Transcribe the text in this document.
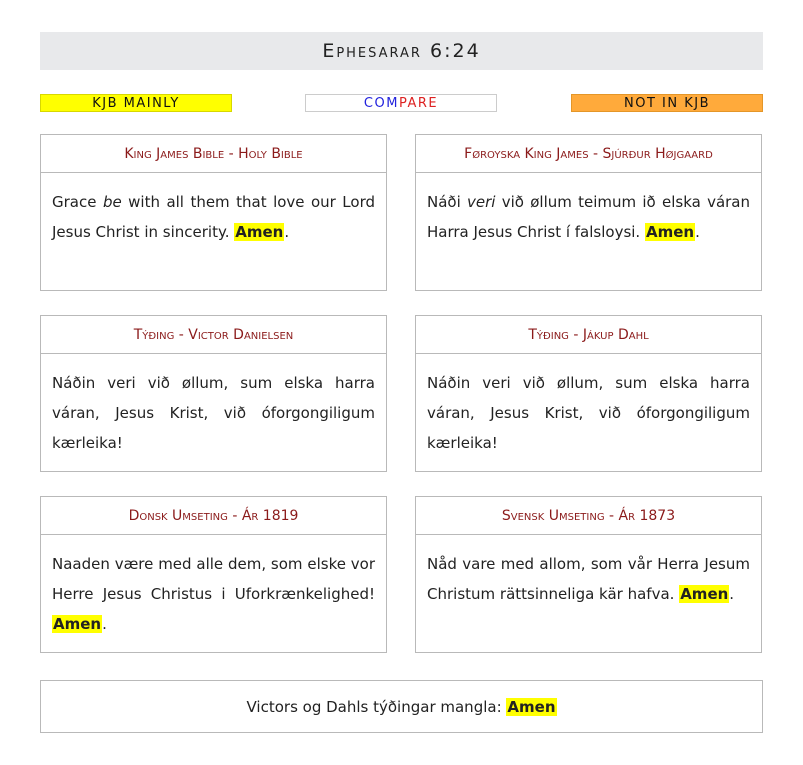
Ephesarar 6:24
KJB MAINLY	COM PARE	NOT IN KJB
King James Bible - Holy Bible
Grace be with all them that love our Lord Jesus Christ in sincerity. Amen.
Føroyska King James - Sjúrður Højgaard
Náði veri við øllum teimum ið elska váran Harra Jesus Christ í falsloysi. Amen.
Týðing - Victor Danielsen
Náðin veri við øllum, sum elska harra váran, Jesus Krist, við óforgongiligum kærleika!
Týðing - Jákup Dahl
Náðin veri við øllum, sum elska harra váran, Jesus Krist, við óforgongiligum kærleika!
Donsk Umseting - Ár 1819
Naaden være med alle dem, som elske vor Herre Jesus Christus i Uforkrænkelighed! Amen.
Svensk Umseting - Ár 1873
Nåd vare med allom, som vår Herra Jesum Christum rättsinneliga kär hafva. Amen.
Victors og Dahls týðingar mangla: Amen
